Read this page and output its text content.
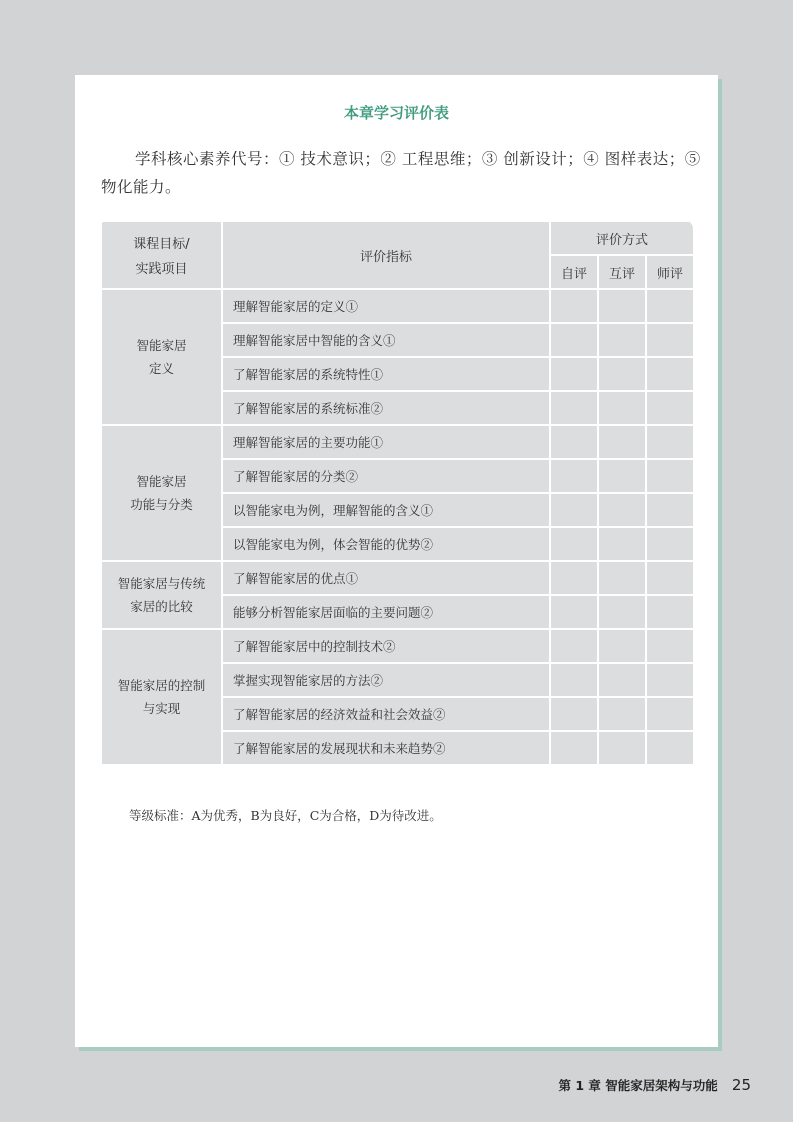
本章学习评价表
学科核心素养代号：① 技术意识；② 工程思维；③ 创新设计；④ 图样表达；⑤ 物化能力。
课程目标/
实践项目	评价指标	评价方式		
		自评	互评	师评

智能家居
定义	理解智能家居的定义①			
	理解智能家居中智能的含义①			
	了解智能家居的系统特性①			
	了解智能家居的系统标准②			

智能家居
功能与分类	理解智能家居的主要功能①			
	了解智能家居的分类②			
	以智能家电为例，理解智能的含义①			
	以智能家电为例，体会智能的优势②			

智能家居与传统
家居的比较	了解智能家居的优点①			
	能够分析智能家居面临的主要问题②			

智能家居的控制
与实现	了解智能家居中的控制技术②			
	掌握实现智能家居的方法②			
	了解智能家居的经济效益和社会效益②			
	了解智能家居的发展现状和未来趋势②			
等级标准：A为优秀，B为良好，C为合格，D为待改进。
第 1 章 智能家居架构与功能 25
